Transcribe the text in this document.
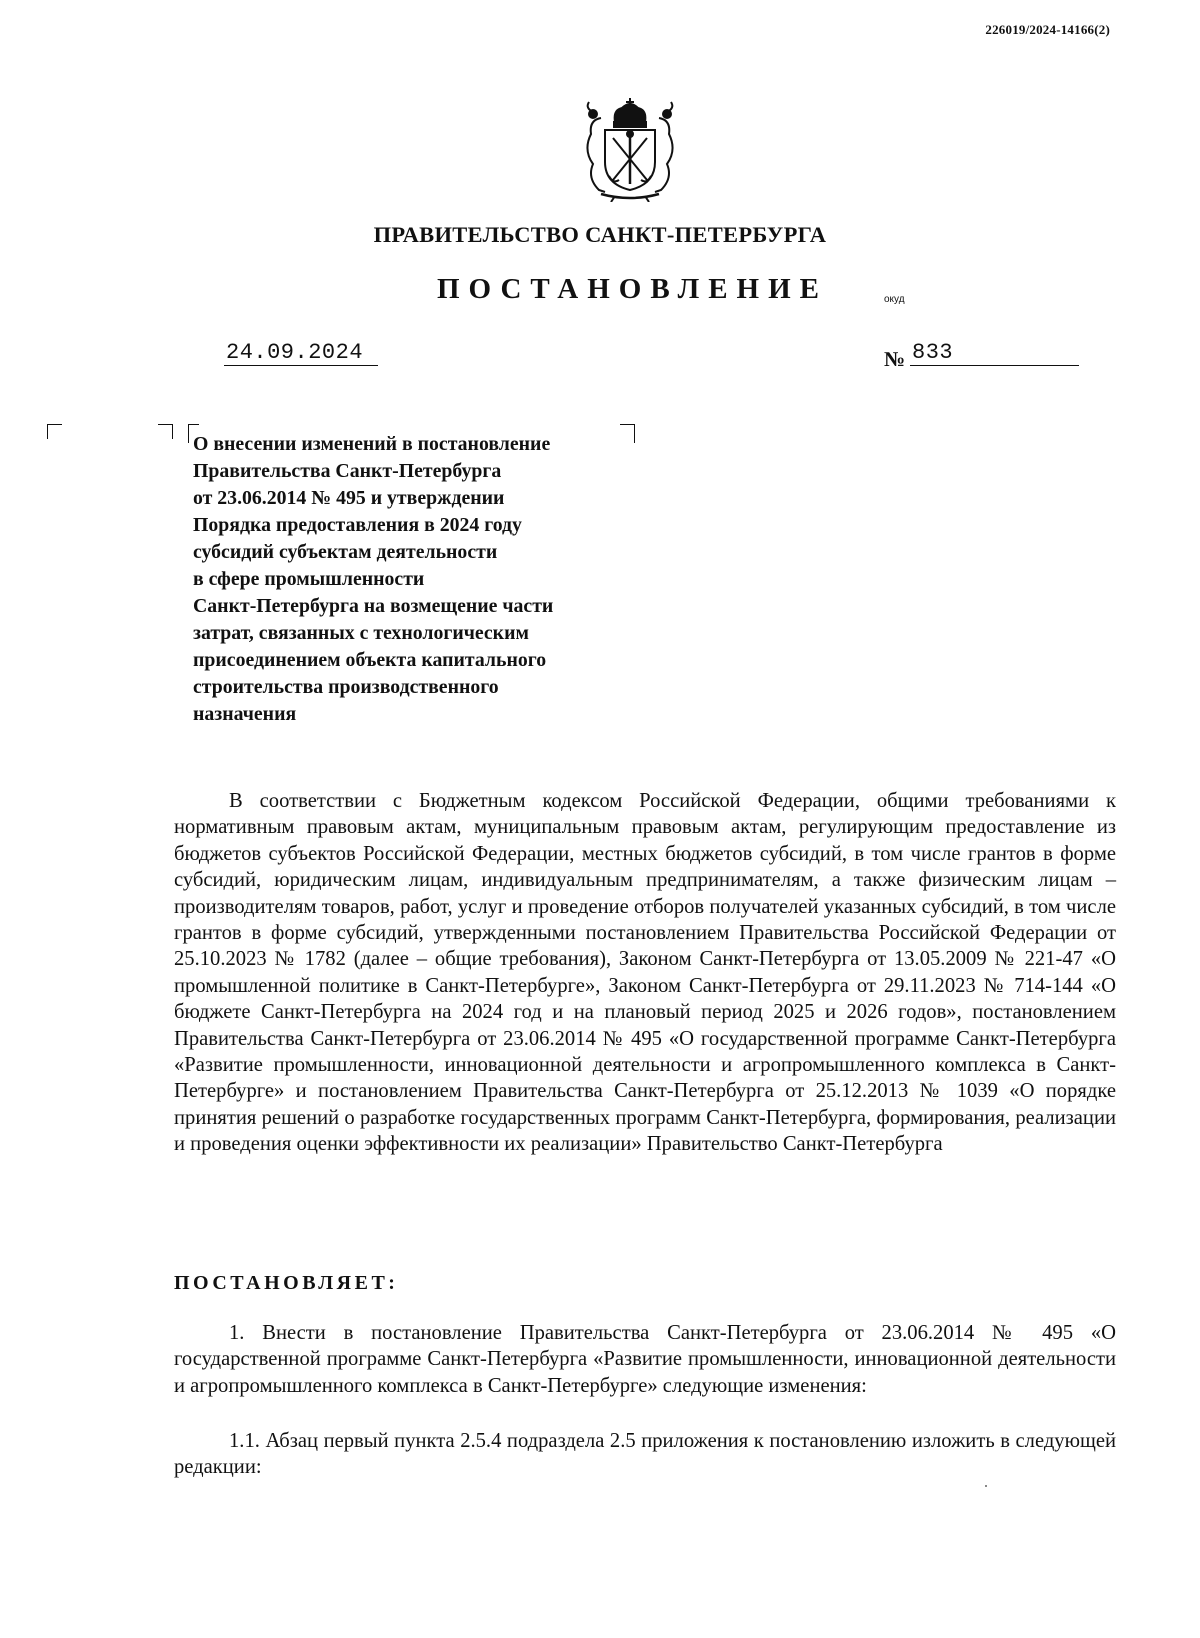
226019/2024-14166(2)
ПРАВИТЕЛЬСТВО САНКТ-ПЕТЕРБУРГА
ПОСТАНОВЛЕНИЕ	окуд
24.09.2024	№ 833
О внесении изменений в постановление
Правительства Санкт-Петербурга
от 23.06.2014 № 495 и утверждении
Порядка предоставления в 2024 году
субсидий субъектам деятельности
в сфере промышленности
Санкт-Петербурга на возмещение части
затрат, связанных с технологическим
присоединением объекта капитального
строительства производственного
назначения

В соответствии с Бюджетным кодексом Российской Федерации, общими требованиями к нормативным правовым актам, муниципальным правовым актам, регулирующим предоставление из бюджетов субъектов Российской Федерации, местных бюджетов субсидий, в том числе грантов в форме субсидий, юридическим лицам, индивидуальным предпринимателям, а также физическим лицам – производителям товаров, работ, услуг и проведение отборов получателей указанных субсидий, в том числе грантов в форме субсидий, утвержденными постановлением Правительства Российской Федерации от 25.10.2023 № 1782 (далее – общие требования), Законом Санкт-Петербурга от 13.05.2009 № 221-47 «О промышленной политике в Санкт-Петербурге», Законом Санкт-Петербурга от 29.11.2023 № 714-144 «О бюджете Санкт-Петербурга на 2024 год и на плановый период 2025 и 2026 годов», постановлением Правительства Санкт-Петербурга от 23.06.2014 № 495 «О государственной программе Санкт-Петербурга «Развитие промышленности, инновационной деятельности и агропромышленного комплекса в Санкт-Петербурге» и постановлением Правительства Санкт-Петербурга от 25.12.2013 № 1039 «О порядке принятия решений о разработке государственных программ Санкт-Петербурга, формирования, реализации и проведения оценки эффективности их реализации» Правительство Санкт-Петербурга

ПОСТАНОВЛЯЕТ:

1. Внести в постановление Правительства Санкт-Петербурга от 23.06.2014 № 495 «О государственной программе Санкт-Петербурга «Развитие промышленности, инновационной деятельности и агропромышленного комплекса в Санкт-Петербурге» следующие изменения:

1.1. Абзац первый пункта 2.5.4 подраздела 2.5 приложения к постановлению изложить в следующей редакции:
